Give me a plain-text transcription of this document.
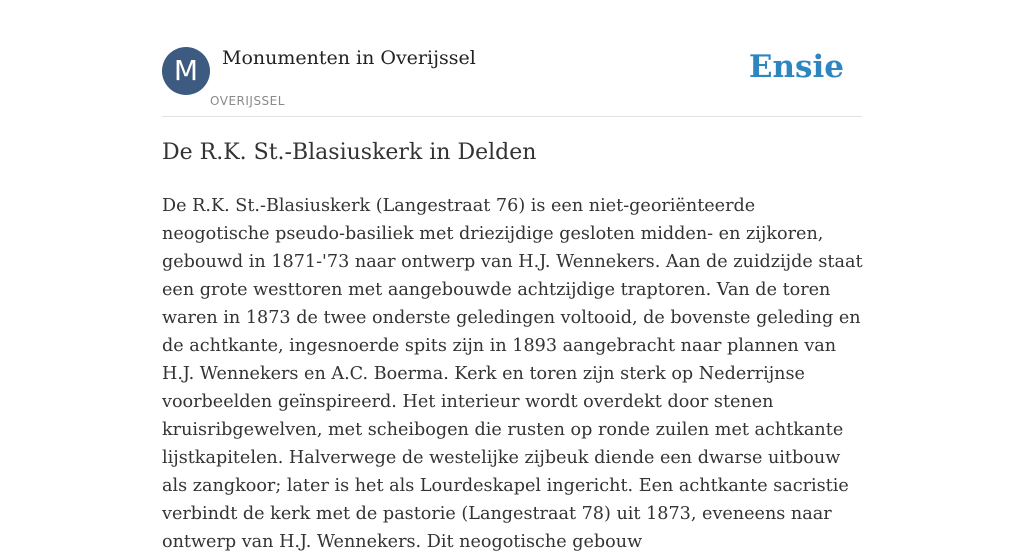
M	Monumenten in Overijssel
OVERIJSSEL
Ensie
De R.K. St.-Blasiuskerk in Delden

De R.K. St.-Blasiuskerk (Langestraat 76) is een niet-georiënteerde neogotische pseudo-basiliek met driezijdige gesloten midden- en zijkoren, gebouwd in 1871-'73 naar ontwerp van H.J. Wennekers. Aan de zuidzijde staat een grote westtoren met aangebouwde achtzijdige traptoren. Van de toren waren in 1873 de twee onderste geledingen voltooid, de bovenste geleding en de achtkante, ingesnoerde spits zijn in 1893 aangebracht naar plannen van H.J. Wennekers en A.C. Boerma. Kerk en toren zijn sterk op Nederrijnse voorbeelden geïnspireerd. Het interieur wordt overdekt door stenen kruisribgewelven, met scheibogen die rusten op ronde zuilen met achtkante lijstkapitelen. Halverwege de westelijke zijbeuk diende een dwarse uitbouw als zangkoor; later is het als Lourdeskapel ingericht. Een achtkante sacristie verbindt de kerk met de pastorie (Langestraat 78) uit 1873, eveneens naar ontwerp van H.J. Wennekers. Dit neogotische gebouw
